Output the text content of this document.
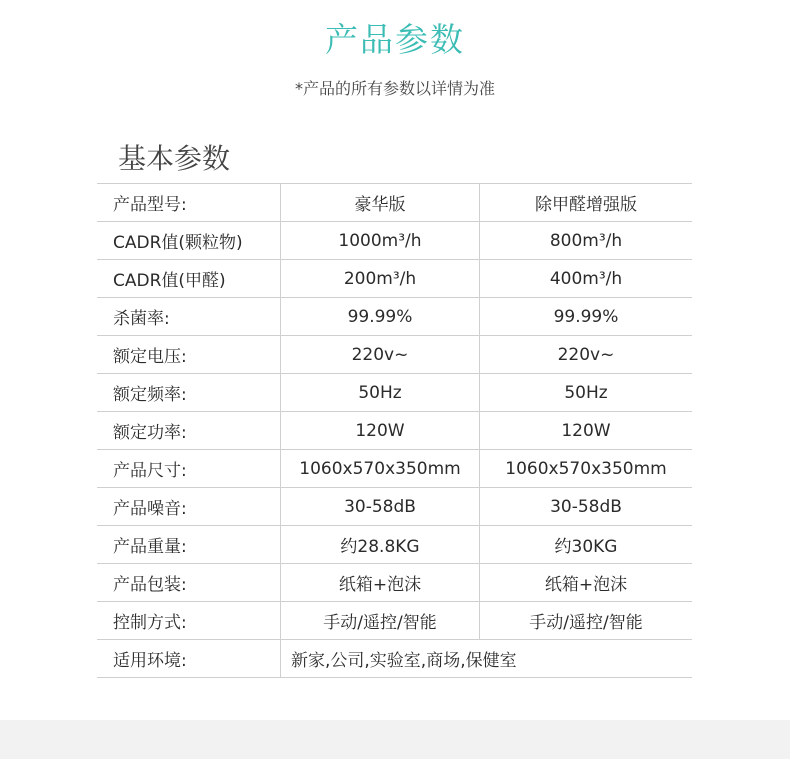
产品参数
*产品的所有参数以详情为准
基本参数
产品型号:	豪华版	除甲醛增强版
CADR值(颗粒物)	1000m³/h	800m³/h
CADR值(甲醛)	200m³/h	400m³/h
杀菌率:	99.99%	99.99%
额定电压:	220v~	220v~
额定频率:	50Hz	50Hz
额定功率:	120W	120W
产品尺寸:	1060x570x350mm	1060x570x350mm
产品噪音:	30-58dB	30-58dB
产品重量:	约28.8KG	约30KG
产品包装:	纸箱+泡沫	纸箱+泡沫
控制方式:	手动/遥控/智能	手动/遥控/智能
适用环境:	新家,公司,实验室,商场,保健室	
